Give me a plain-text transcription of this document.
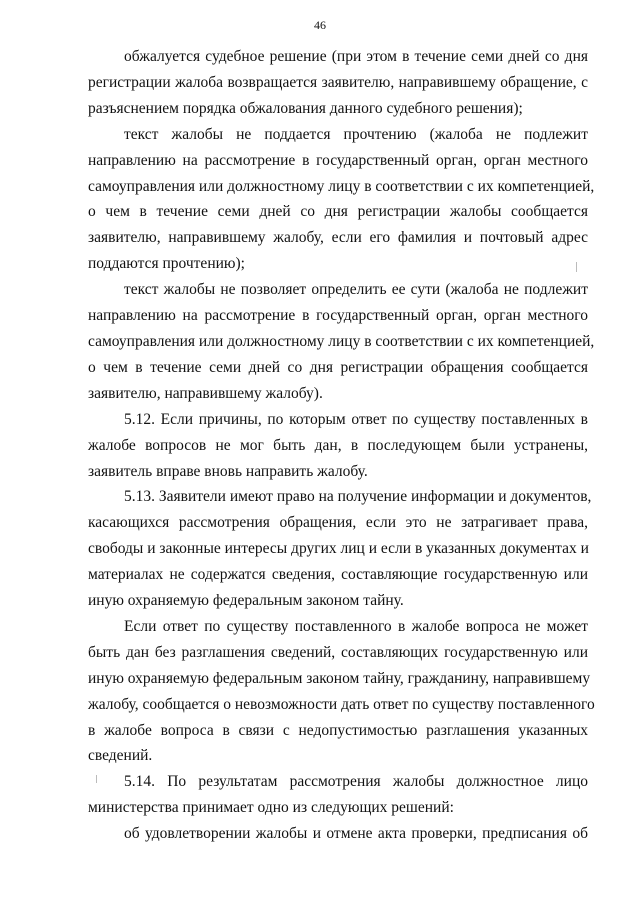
46

обжалуется судебное решение (при этом в течение семи дней со дня
регистрации жалоба возвращается заявителю, направившему обращение, с
разъяснением порядка обжалования данного судебного решения);

текст жалобы не поддается прочтению (жалоба не подлежит
направлению на рассмотрение в государственный орган, орган местного
самоуправления или должностному лицу в соответствии с их компетенцией,
о чем в течение семи дней со дня регистрации жалобы сообщается
заявителю, направившему жалобу, если его фамилия и почтовый адрес
поддаются прочтению);

текст жалобы не позволяет определить ее сути (жалоба не подлежит
направлению на рассмотрение в государственный орган, орган местного
самоуправления или должностному лицу в соответствии с их компетенцией,
о чем в течение семи дней со дня регистрации обращения сообщается
заявителю, направившему жалобу).

5.12. Если причины, по которым ответ по существу поставленных в
жалобе вопросов не мог быть дан, в последующем были устранены,
заявитель вправе вновь направить жалобу.

5.13. Заявители имеют право на получение информации и документов,
касающихся рассмотрения обращения, если это не затрагивает права,
свободы и законные интересы других лиц и если в указанных документах и
материалах не содержатся сведения, составляющие государственную или
иную охраняемую федеральным законом тайну.

Если ответ по существу поставленного в жалобе вопроса не может
быть дан без разглашения сведений, составляющих государственную или
иную охраняемую федеральным законом тайну, гражданину, направившему
жалобу, сообщается о невозможности дать ответ по существу поставленного
в жалобе вопроса в связи с недопустимостью разглашения указанных
сведений.

5.14. По результатам рассмотрения жалобы должностное лицо
министерства принимает одно из следующих решений:

об удовлетворении жалобы и отмене акта проверки, предписания об
